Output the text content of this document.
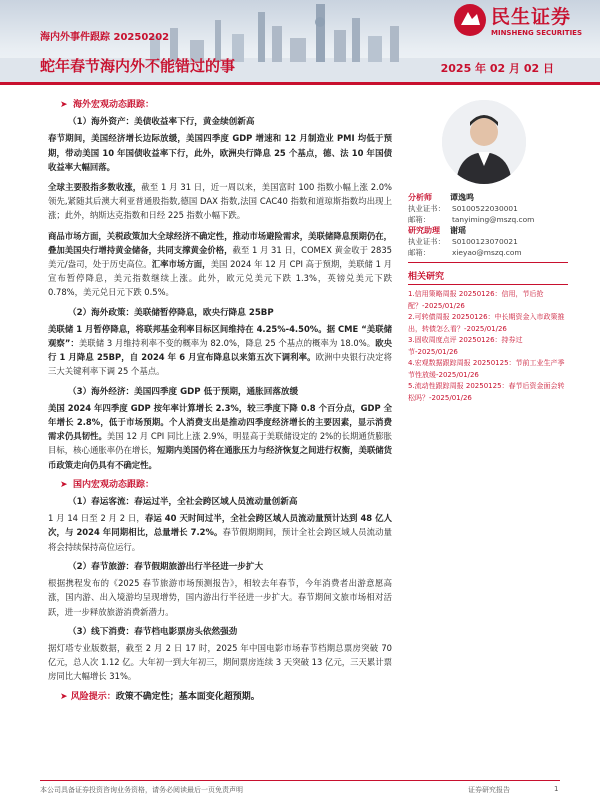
海内外事件跟踪 20250202
蛇年春节海内外不能错过的事	2025 年 02 月 02 日
民生证券
MINSHENG SECURITIES
➤ 海外宏观动态跟踪：
（1）海外资产：美债收益率下行，黄金续创新高
春节期间，美国经济增长边际放缓，美国四季度 GDP 增速和 12 月制造业 PMI 均低于预期，带动美国 10 年国债收益率下行，此外，欧洲央行降息 25 个基点，德、法 10 年国债收益率大幅回落。
全球主要股指多数收涨，截至 1 月 31 日，近一周以来，美国富时 100 指数小幅上涨 2.0%领先,紧随其后澳大利亚普通股指数,德国 DAX 指数,法国 CAC40 指数和道琼斯指数均出现上涨；此外，纳斯达克指数和日经 225 指数小幅下跌。
商品市场方面，关税政策加大全球经济不确定性，推动市场避险需求，美联储降息预期仍在，叠加美国央行增持黄金储备，共同支撑黄金价格，截至 1 月 31 日，COMEX 黄金收于 2835 美元/盎司，处于历史高位。汇率市场方面，美国 2024 年 12 月 CPI 高于预期，美联储 1 月宣布暂停降息，美元指数继续上涨。此外，欧元兑美元下跌 1.3%，英镑兑美元下跌 0.78%，美元兑日元下跌 0.5%。
（2）海外政策：美联储暂停降息，欧央行降息 25BP
美联储 1 月暂停降息，将联邦基金利率目标区间维持在 4.25%-4.50%。据 CME “美联储观察”：美联储 3 月维持利率不变的概率为 82.0%，降息 25 个基点的概率为 18.0%。欧央行 1 月降息 25BP，自 2024 年 6 月宣布降息以来第五次下调利率。欧洲中央银行决定将三大关键利率下调 25 个基点。
（3）海外经济：美国四季度 GDP 低于预期，通胀回落放缓
美国 2024 年四季度 GDP 按年率计算增长 2.3%，较三季度下降 0.8 个百分点，GDP 全年增长 2.8%，低于市场预期。个人消费支出是推动四季度经济增长的主要因素，显示消费需求仍具韧性。美国 12 月 CPI 同比上涨 2.9%，明显高于美联储设定的 2%的长期通货膨胀目标，核心通胀率仍在增长，短期内美国仍将在通胀压力与经济恢复之间进行权衡，美联储货币政策走向仍具有不确定性。
➤ 国内宏观动态跟踪：
（1）春运客流：春运过半，全社会跨区域人员流动量创新高
1 月 14 日至 2 月 2 日，春运 40 天时间过半，全社会跨区域人员流动量预计达到 48 亿人次，与 2024 年同期相比，总量增长 7.2%。春节假期期间，预计全社会跨区域人员流动量将会持续保持高位运行。
（2）春节旅游：春节假期旅游出行半径进一步扩大
根据携程发布的《2025 春节旅游市场预测报告》，相较去年春节，今年消费者出游意愿高涨，国内游、出入境游均呈现增势，国内游出行半径进一步扩大。春节期间文旅市场相对活跃，进一步释放旅游消费新潜力。
（3）线下消费：春节档电影票房头依然强劲
据灯塔专业版数据，截至 2 月 2 日 17 时，2025 年中国电影市场春节档期总票房突破 70 亿元，总人次 1.12 亿。大年初一到大年初三，期间票房连续 3 天突破 13 亿元，三天累计票房同比大幅增长 31%。
➤ 风险提示：政策不确定性；基本面变化超预期。
分析师	谭逸鸣
执业证书： S0100522030001
邮箱：	tanyiming@mszq.com
研究助理	谢瑶
执业证书： S0100123070021
邮箱：	xieyao@mszq.com
相关研究
1.信用策略周报 20250126：信用，节后抢配？-2025/01/26
2.可转债周报 20250126：中长期资金入市政策推出，转债怎么看？-2025/01/26
3.固收周度点评 20250126：持券过节-2025/01/26
4.宏观数据跟踪周报 20250125：节前工业生产季节性放缓-2025/01/26
5.流动性跟踪周报 20250125：春节后资金面会转松吗？-2025/01/26
本公司具备证券投资咨询业务资格，请务必阅读最后一页免责声明	证券研究报告	1
